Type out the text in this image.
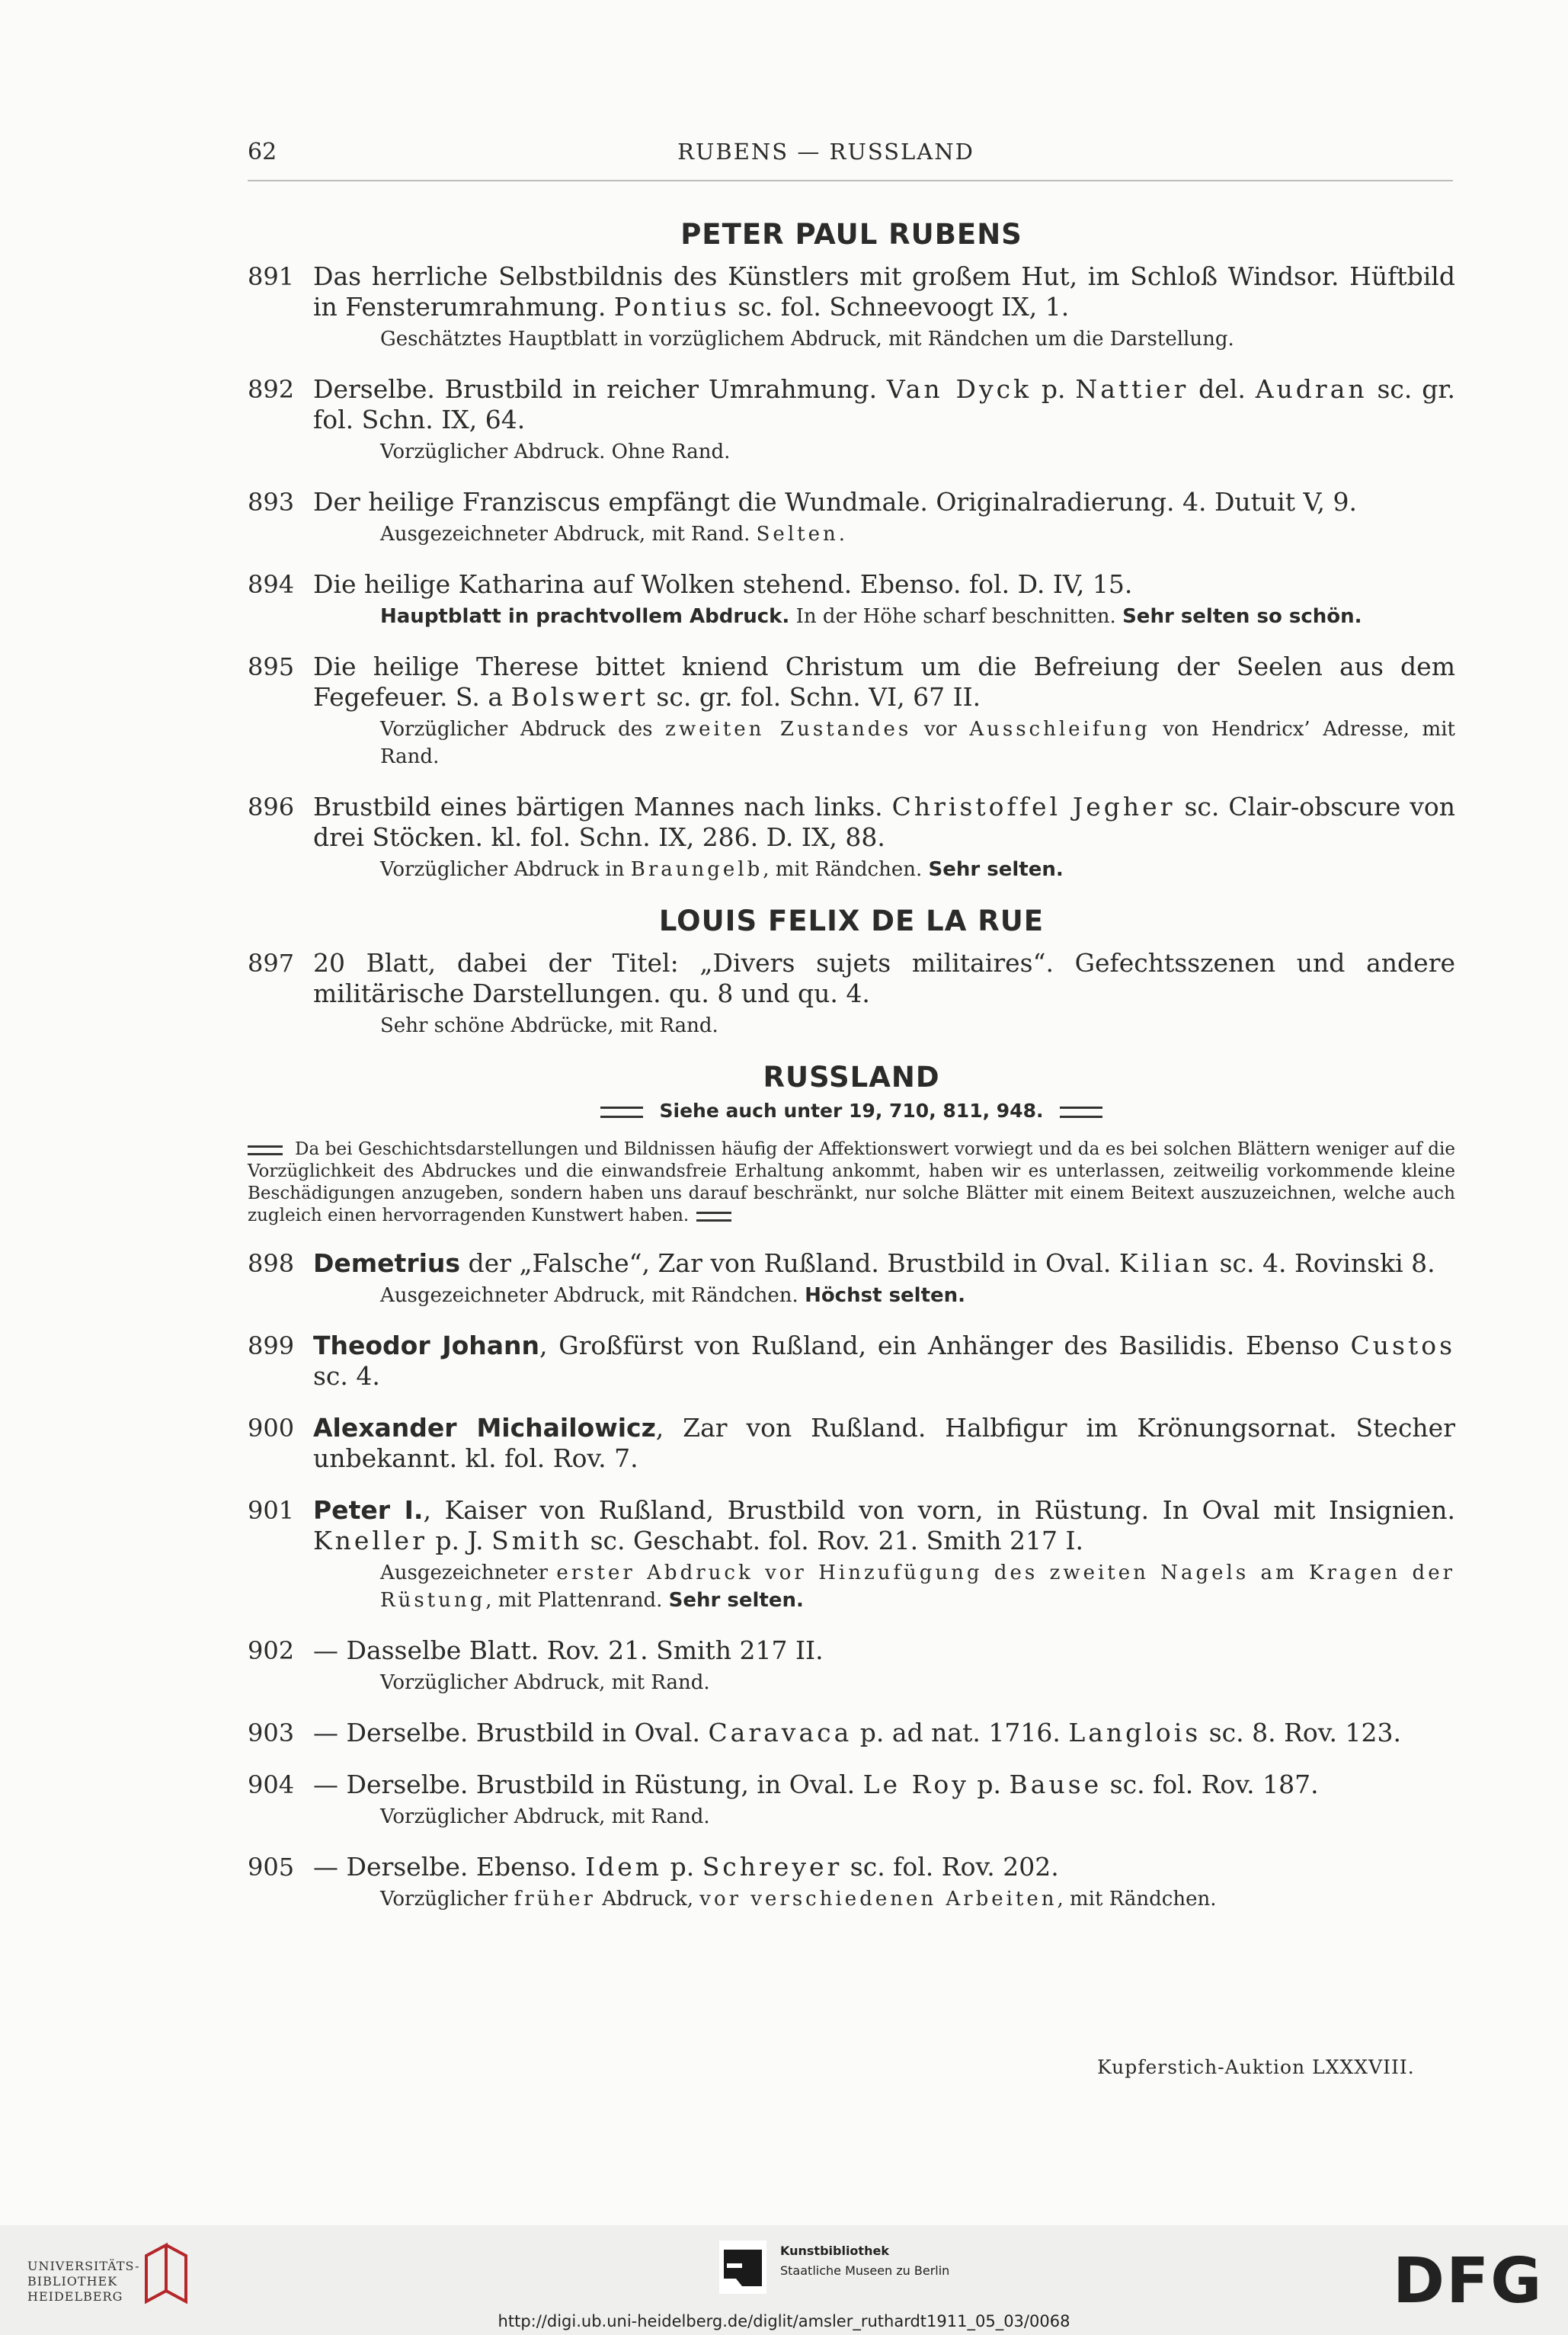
62	RUBENS — RUSSLAND
PETER PAUL RUBENS
891 Das herrliche Selbstbildnis des Künstlers mit großem Hut, im Schloß Windsor. Hüftbild in Fensterumrahmung. Pontius sc. fol. Schneevoogt IX, 1.
Geschätztes Hauptblatt in vorzüglichem Abdruck, mit Rändchen um die Darstellung.
892 Derselbe. Brustbild in reicher Umrahmung. Van Dyck p. Nattier del. Audran sc. gr. fol. Schn. IX, 64.
Vorzüglicher Abdruck. Ohne Rand.
893 Der heilige Franziscus empfängt die Wundmale. Originalradierung. 4. Dutuit V, 9.
Ausgezeichneter Abdruck, mit Rand. Selten.
894 Die heilige Katharina auf Wolken stehend. Ebenso. fol. D. IV, 15.
Hauptblatt in prachtvollem Abdruck. In der Höhe scharf beschnitten. Sehr selten so schön.
895 Die heilige Therese bittet kniend Christum um die Befreiung der Seelen aus dem Fegefeuer. S. a Bolswert sc. gr. fol. Schn. VI, 67 II.
Vorzüglicher Abdruck des zweiten Zustandes vor Ausschleifung von Hendricx’ Adresse, mit Rand.
896 Brustbild eines bärtigen Mannes nach links. Christoffel Jegher sc. Clair-obscure von drei Stöcken. kl. fol. Schn. IX, 286. D. IX, 88.
Vorzüglicher Abdruck in Braungelb, mit Rändchen. Sehr selten.
LOUIS FELIX DE LA RUE
897 20 Blatt, dabei der Titel: „Divers sujets militaires“. Gefechtsszenen und andere militärische Darstellungen. qu. 8 und qu. 4.
Sehr schöne Abdrücke, mit Rand.
RUSSLAND
Siehe auch unter 19, 710, 811, 948.
Da bei Geschichtsdarstellungen und Bildnissen häufig der Affektionswert vorwiegt und da es bei solchen Blättern weniger auf die Vorzüglichkeit des Abdruckes und die einwandsfreie Erhaltung ankommt, haben wir es unterlassen, zeitweilig vorkommende kleine Beschädigungen anzugeben, sondern haben uns darauf beschränkt, nur solche Blätter mit einem Beitext auszuzeichnen, welche auch zugleich einen hervorragenden Kunstwert haben.
898 Demetrius der „Falsche“, Zar von Rußland. Brustbild in Oval. Kilian sc. 4. Rovinski 8.
Ausgezeichneter Abdruck, mit Rändchen. Höchst selten.
899 Theodor Johann, Großfürst von Rußland, ein Anhänger des Basilidis. Ebenso Custos sc. 4.
900 Alexander Michailowicz, Zar von Rußland. Halbfigur im Krönungsornat. Stecher unbekannt. kl. fol. Rov. 7.
901 Peter I., Kaiser von Rußland, Brustbild von vorn, in Rüstung. In Oval mit Insignien. Kneller p. J. Smith sc. Geschabt. fol. Rov. 21. Smith 217 I.
Ausgezeichneter erster Abdruck vor Hinzufügung des zweiten Nagels am Kragen der Rüstung, mit Plattenrand. Sehr selten.
902 — Dasselbe Blatt. Rov. 21. Smith 217 II.
Vorzüglicher Abdruck, mit Rand.
903 — Derselbe. Brustbild in Oval. Caravaca p. ad nat. 1716. Langlois sc. 8. Rov. 123.
904 — Derselbe. Brustbild in Rüstung, in Oval. Le Roy p. Bause sc. fol. Rov. 187.
Vorzüglicher Abdruck, mit Rand.
905 — Derselbe. Ebenso. Idem p. Schreyer sc. fol. Rov. 202.
Vorzüglicher früher Abdruck, vor verschiedenen Arbeiten, mit Rändchen.
Kupferstich-Auktion LXXXVIII.
UNIVERSITÄTS-
BIBLIOTHEK
HEIDELBERG
Kunstbibliothek
Staatliche Museen zu Berlin	DFG
http://digi.ub.uni-heidelberg.de/diglit/amsler_ruthardt1911_05_03/0068
